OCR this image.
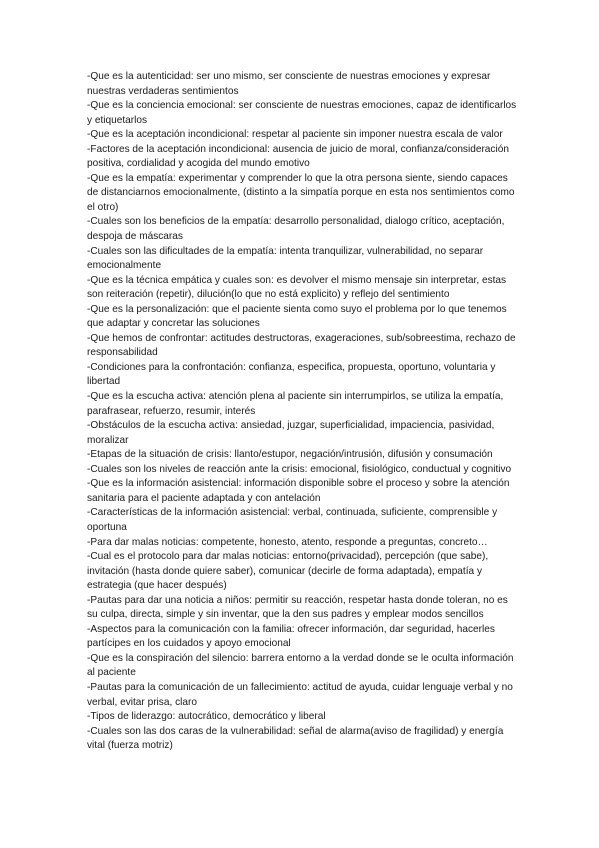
-Que es la autenticidad: ser uno mismo, ser consciente de nuestras emociones y expresar nuestras verdaderas sentimientos

-Que es la conciencia emocional: ser consciente de nuestras emociones, capaz de identificarlos y etiquetarlos

-Que es la aceptación incondicional: respetar al paciente sin imponer nuestra escala de valor

-Factores de la aceptación incondicional: ausencia de juicio de moral, confianza/consideración positiva, cordialidad y acogida del mundo emotivo

-Que es la empatía: experimentar y comprender lo que la otra persona siente, siendo capaces de distanciarnos emocionalmente, (distinto a la simpatía porque en esta nos sentimientos como el otro)

-Cuales son los beneficios de la empatía: desarrollo personalidad, dialogo crítico, aceptación, despoja de máscaras

-Cuales son las dificultades de la empatía: intenta tranquilizar, vulnerabilidad, no separar emocionalmente

-Que es la técnica empática y cuales son: es devolver el mismo mensaje sin interpretar, estas son reiteración (repetir), dilución(lo que no está explicito) y reflejo del sentimiento

-Que es la personalización: que el paciente sienta como suyo el problema por lo que tenemos que adaptar y concretar las soluciones

-Que hemos de confrontar: actitudes destructoras, exageraciones, sub/sobreestima, rechazo de responsabilidad

-Condiciones para la confrontación: confianza, especifica, propuesta, oportuno, voluntaria y libertad

-Que es la escucha activa: atención plena al paciente sin interrumpirlos, se utiliza la empatía, parafrasear, refuerzo, resumir, interés

-Obstáculos de la escucha activa: ansiedad, juzgar, superficialidad, impaciencia, pasividad, moralizar

-Etapas de la situación de crisis: llanto/estupor, negación/intrusión, difusión y consumación

-Cuales son los niveles de reacción ante la crisis: emocional, fisiológico, conductual y cognitivo

-Que es la información asistencial: información disponible sobre el proceso y sobre la atención sanitaria para el paciente adaptada y con antelación

-Características de la información asistencial: verbal, continuada, suficiente, comprensible y oportuna

-Para dar malas noticias: competente, honesto, atento, responde a preguntas, concreto…

-Cual es el protocolo para dar malas noticias: entorno(privacidad), percepción (que sabe), invitación (hasta donde quiere saber), comunicar (decirle de forma adaptada), empatía y estrategia (que hacer después)

-Pautas para dar una noticia a niños: permitir su reacción, respetar hasta donde toleran, no es su culpa, directa, simple y sin inventar, que la den sus padres y emplear modos sencillos

-Aspectos para la comunicación con la familia: ofrecer información, dar seguridad, hacerles partícipes en los cuidados y apoyo emocional

-Que es la conspiración del silencio: barrera entorno a la verdad donde se le oculta información al paciente

-Pautas para la comunicación de un fallecimiento: actitud de ayuda, cuidar lenguaje verbal y no verbal, evitar prisa, claro

-Tipos de liderazgo: autocrático, democrático y liberal

-Cuales son las dos caras de la vulnerabilidad: señal de alarma(aviso de fragilidad) y energía vital (fuerza motriz)
